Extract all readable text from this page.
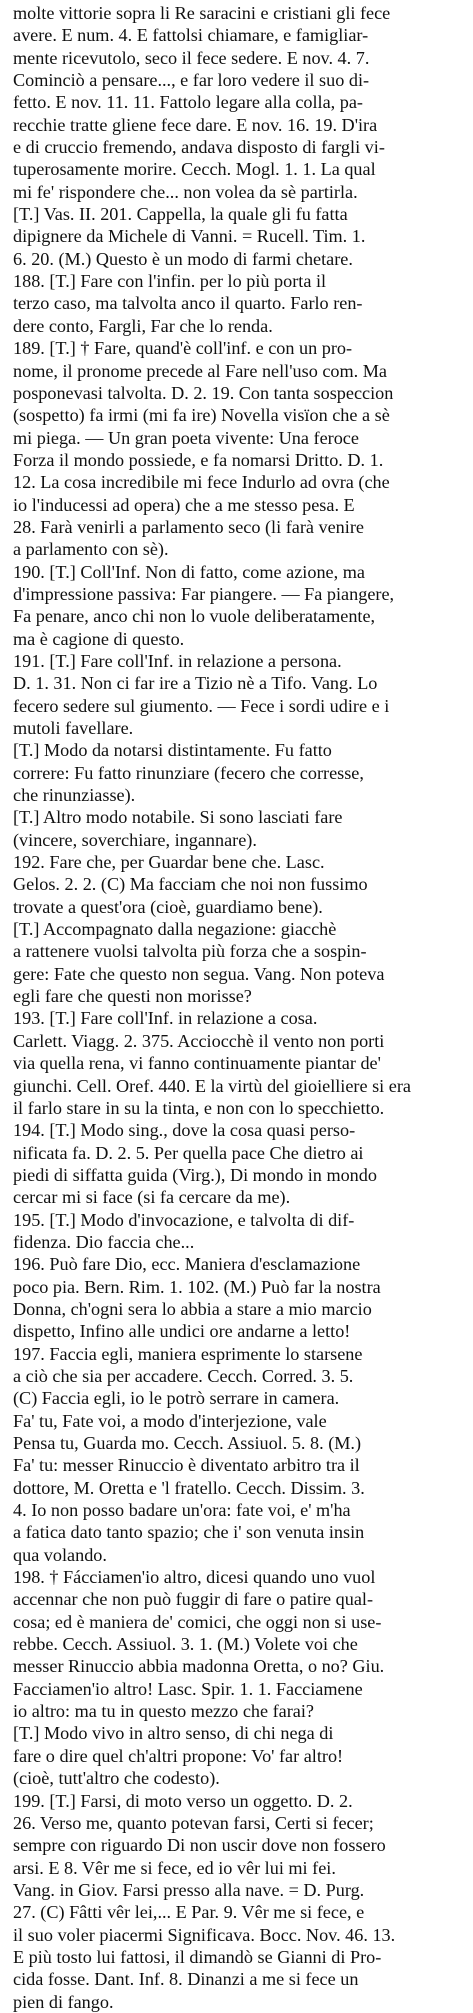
molte vittorie sopra li Re saracini e cristiani gli fece
avere. E num. 4. E fattolsi chiamare, e famigliar-
mente ricevutolo, seco il fece sedere. E nov. 4. 7.
Cominciò a pensare..., e far loro vedere il suo di-
fetto. E nov. 11. 11. Fattolo legare alla colla, pa-
recchie tratte gliene fece dare. E nov. 16. 19. D'ira
e di cruccio fremendo, andava disposto di fargli vi-
tuperosamente morire. Cecch. Mogl. 1. 1. La qual
mi fe' rispondere che... non volea da sè partirla.
[T.] Vas. II. 201. Cappella, la quale gli fu fatta
dipignere da Michele di Vanni. = Rucell. Tim. 1.
6. 20. (M.) Questo è un modo di farmi chetare.
188. [T.] Fare con l'infin. per lo più porta il
terzo caso, ma talvolta anco il quarto. Farlo ren-
dere conto, Fargli, Far che lo renda.
189. [T.] † Fare, quand'è coll'inf. e con un pro-
nome, il pronome precede al Fare nell'uso com. Ma
posponevasi talvolta. D. 2. 19. Con tanta sospeccion
(sospetto) fa irmi (mi fa ire) Novella visïon che a sè
mi piega. — Un gran poeta vivente: Una feroce
Forza il mondo possiede, e fa nomarsi Dritto. D. 1.
12. La cosa incredibile mi fece Indurlo ad ovra (che
io l'inducessi ad opera) che a me stesso pesa. E
28. Farà venirli a parlamento seco (li farà venire
a parlamento con sè).
190. [T.] Coll'Inf. Non di fatto, come azione, ma
d'impressione passiva: Far piangere. — Fa piangere,
Fa penare, anco chi non lo vuole deliberatamente,
ma è cagione di questo.
191. [T.] Fare coll'Inf. in relazione a persona.
D. 1. 31. Non ci far ire a Tizio nè a Tifo. Vang. Lo
fecero sedere sul giumento. — Fece i sordi udire e i
mutoli favellare.
[T.] Modo da notarsi distintamente. Fu fatto
correre: Fu fatto rinunziare (fecero che corresse,
che rinunziasse).
[T.] Altro modo notabile. Si sono lasciati fare
(vincere, soverchiare, ingannare).
192. Fare che, per Guardar bene che. Lasc.
Gelos. 2. 2. (C) Ma facciam che noi non fussimo
trovate a quest'ora (cioè, guardiamo bene).
[T.] Accompagnato dalla negazione: giacchè
a rattenere vuolsi talvolta più forza che a sospin-
gere: Fate che questo non segua. Vang. Non poteva
egli fare che questi non morisse?
193. [T.] Fare coll'Inf. in relazione a cosa.
Carlett. Viagg. 2. 375. Acciocchè il vento non porti
via quella rena, vi fanno continuamente piantar de'
giunchi. Cell. Oref. 440. E la virtù del gioielliere si era
il farlo stare in su la tinta, e non con lo specchietto.
194. [T.] Modo sing., dove la cosa quasi perso-
nificata fa. D. 2. 5. Per quella pace Che dietro ai
piedi di siffatta guida (Virg.), Di mondo in mondo
cercar mi si face (si fa cercare da me).
195. [T.] Modo d'invocazione, e talvolta di dif-
fidenza. Dio faccia che...
196. Può fare Dio, ecc. Maniera d'esclamazione
poco pia. Bern. Rim. 1. 102. (M.) Può far la nostra
Donna, ch'ogni sera lo abbia a stare a mio marcio
dispetto, Infino alle undici ore andarne a letto!
197. Faccia egli, maniera esprimente lo starsene
a ciò che sia per accadere. Cecch. Corred. 3. 5.
(C) Faccia egli, io le potrò serrare in camera.
Fa' tu, Fate voi, a modo d'interjezione, vale
Pensa tu, Guarda mo. Cecch. Assiuol. 5. 8. (M.)
Fa' tu: messer Rinuccio è diventato arbitro tra il
dottore, M. Oretta e 'l fratello. Cecch. Dissim. 3.
4. Io non posso badare un'ora: fate voi, e' m'ha
a fatica dato tanto spazio; che i' son venuta insin
qua volando.
198. † Fácciamen'io altro, dicesi quando uno vuol
accennar che non può fuggir di fare o patire qual-
cosa; ed è maniera de' comici, che oggi non si use-
rebbe. Cecch. Assiuol. 3. 1. (M.) Volete voi che
messer Rinuccio abbia madonna Oretta, o no? Giu.
Facciamen'io altro! Lasc. Spir. 1. 1. Facciamene
io altro: ma tu in questo mezzo che farai?
[T.] Modo vivo in altro senso, di chi nega di
fare o dire quel ch'altri propone: Vo' far altro!
(cioè, tutt'altro che codesto).
199. [T.] Farsi, di moto verso un oggetto. D. 2.
26. Verso me, quanto potevan farsi, Certi si fecer;
sempre con riguardo Di non uscir dove non fossero
arsi. E 8. Vêr me si fece, ed io vêr lui mi fei.
Vang. in Giov. Farsi presso alla nave. = D. Purg.
27. (C) Fâtti vêr lei,... E Par. 9. Vêr me si fece, e
il suo voler piacermi Significava. Bocc. Nov. 46. 13.
E più tosto lui fattosi, il dimandò se Gianni di Pro-
cida fosse. Dant. Inf. 8. Dinanzi a me si fece un
pien di fango.
